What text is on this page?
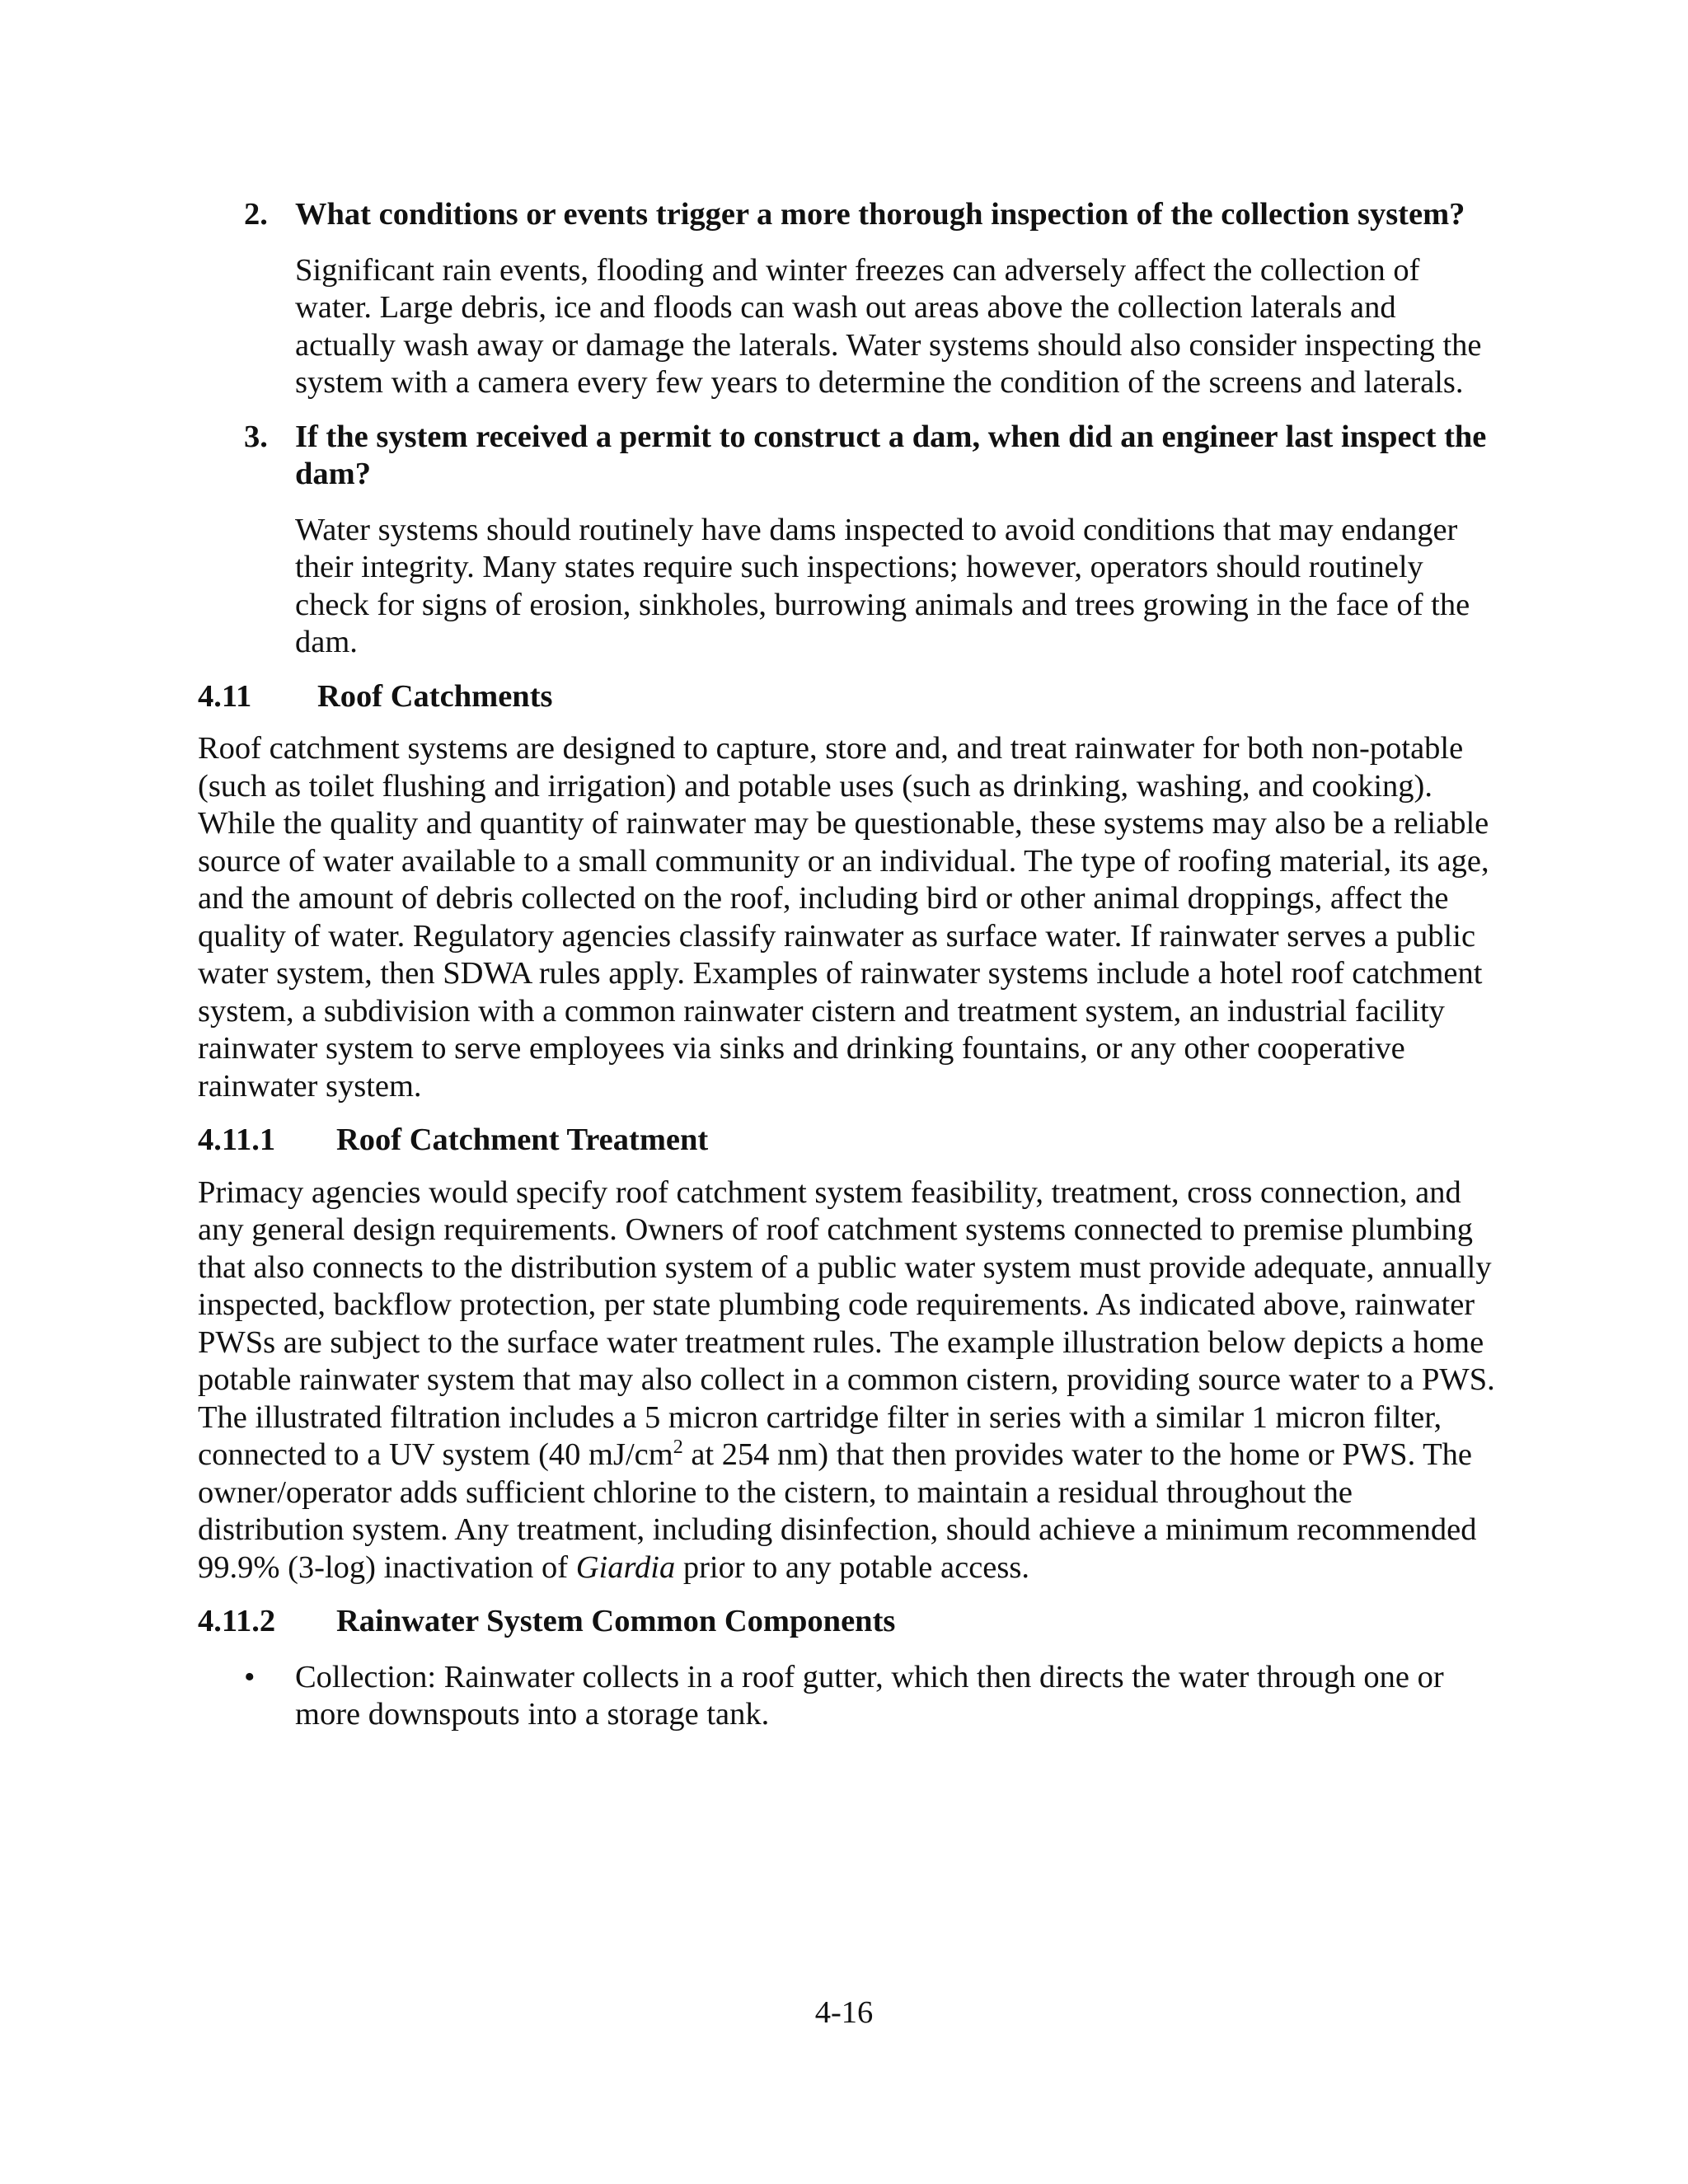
2. What conditions or events trigger a more thorough inspection of the collection system?
Significant rain events, flooding and winter freezes can adversely affect the collection of water. Large debris, ice and floods can wash out areas above the collection laterals and actually wash away or damage the laterals. Water systems should also consider inspecting the system with a camera every few years to determine the condition of the screens and laterals.
3. If the system received a permit to construct a dam, when did an engineer last inspect the dam?
Water systems should routinely have dams inspected to avoid conditions that may endanger their integrity. Many states require such inspections; however, operators should routinely check for signs of erosion, sinkholes, burrowing animals and trees growing in the face of the dam.
4.11	Roof Catchments

Roof catchment systems are designed to capture, store and, and treat rainwater for both non-potable (such as toilet flushing and irrigation) and potable uses (such as drinking, washing, and cooking). While the quality and quantity of rainwater may be questionable, these systems may also be a reliable source of water available to a small community or an individual. The type of roofing material, its age, and the amount of debris collected on the roof, including bird or other animal droppings, affect the quality of water. Regulatory agencies classify rainwater as surface water. If rainwater serves a public water system, then SDWA rules apply. Examples of rainwater systems include a hotel roof catchment system, a subdivision with a common rainwater cistern and treatment system, an industrial facility rainwater system to serve employees via sinks and drinking fountains, or any other cooperative rainwater system.

4.11.1	Roof Catchment Treatment

Primacy agencies would specify roof catchment system feasibility, treatment, cross connection, and any general design requirements. Owners of roof catchment systems connected to premise plumbing that also connects to the distribution system of a public water system must provide adequate, annually inspected, backflow protection, per state plumbing code requirements. As indicated above, rainwater PWSs are subject to the surface water treatment rules. The example illustration below depicts a home potable rainwater system that may also collect in a common cistern, providing source water to a PWS. The illustrated filtration includes a 5 micron cartridge filter in series with a similar 1 micron filter, connected to a UV system (40 $mJ/cm^2$ at 254 nm) that then provides water to the home or PWS. The owner/operator adds sufficient chlorine to the cistern, to maintain a residual throughout the distribution system. Any treatment, including disinfection, should achieve a minimum recommended 99.9% (3-log) inactivation of Giardia prior to any potable access.

4.11.2	Rainwater System Common Components
• Collection: Rainwater collects in a roof gutter, which then directs the water through one or more downspouts into a storage tank.
4-16
